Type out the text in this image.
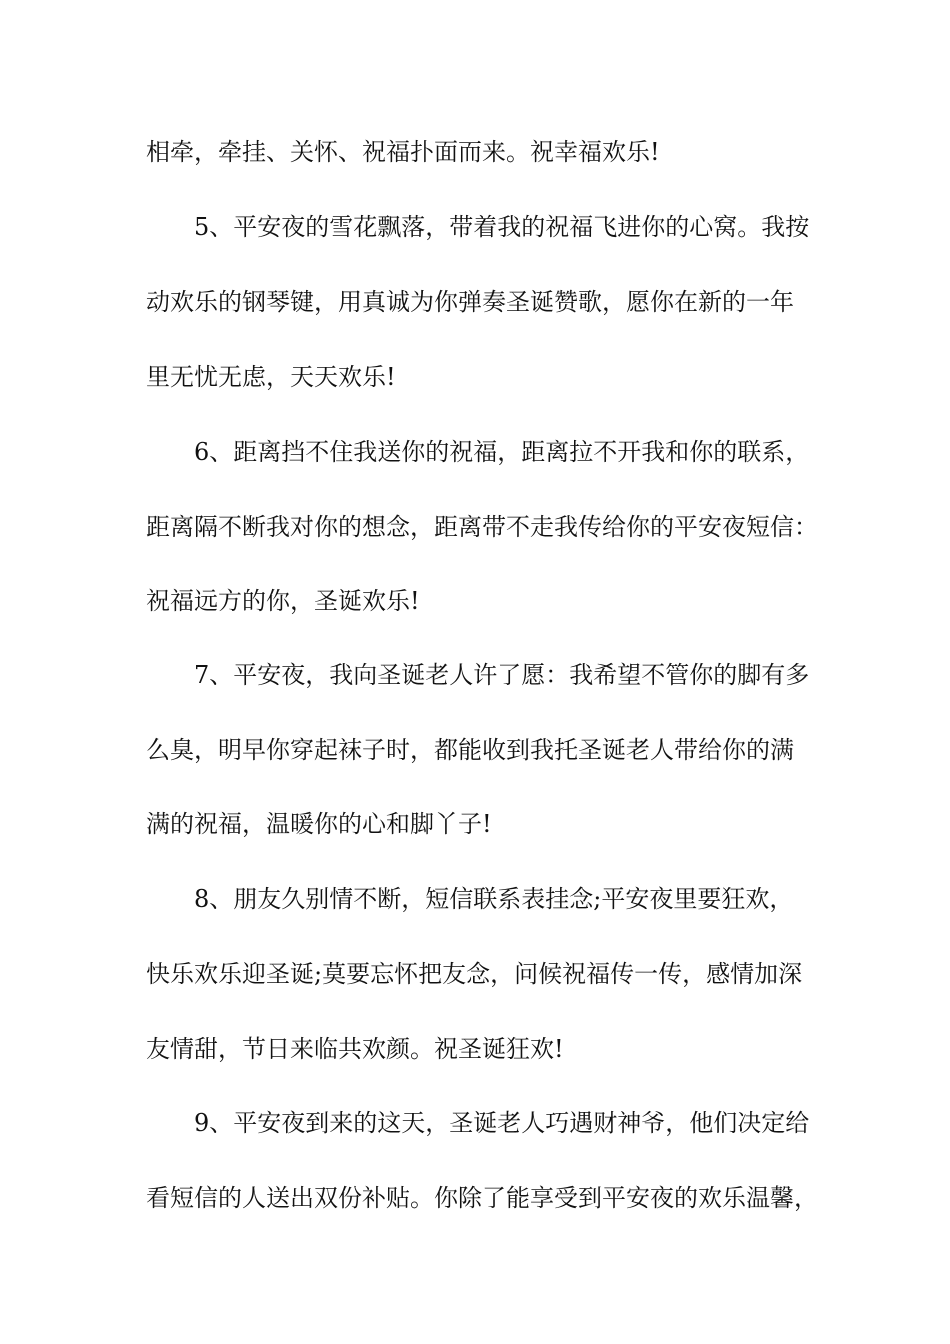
相牵，牵挂、关怀、祝福扑面而来。祝幸福欢乐!
5、平安夜的雪花飘落，带着我的祝福飞进你的心窝。我按
动欢乐的钢琴键，用真诚为你弹奏圣诞赞歌，愿你在新的一年
里无忧无虑，天天欢乐!
6、距离挡不住我送你的祝福，距离拉不开我和你的联系，
距离隔不断我对你的想念，距离带不走我传给你的平安夜短信：
祝福远方的你，圣诞欢乐!
7、平安夜，我向圣诞老人许了愿：我希望不管你的脚有多
么臭，明早你穿起袜子时，都能收到我托圣诞老人带给你的满
满的祝福，温暖你的心和脚丫子!
8、朋友久别情不断，短信联系表挂念;平安夜里要狂欢，
快乐欢乐迎圣诞;莫要忘怀把友念，问候祝福传一传，感情加深
友情甜，节日来临共欢颜。祝圣诞狂欢!
9、平安夜到来的这天，圣诞老人巧遇财神爷，他们决定给
看短信的人送出双份补贴。你除了能享受到平安夜的欢乐温馨，
